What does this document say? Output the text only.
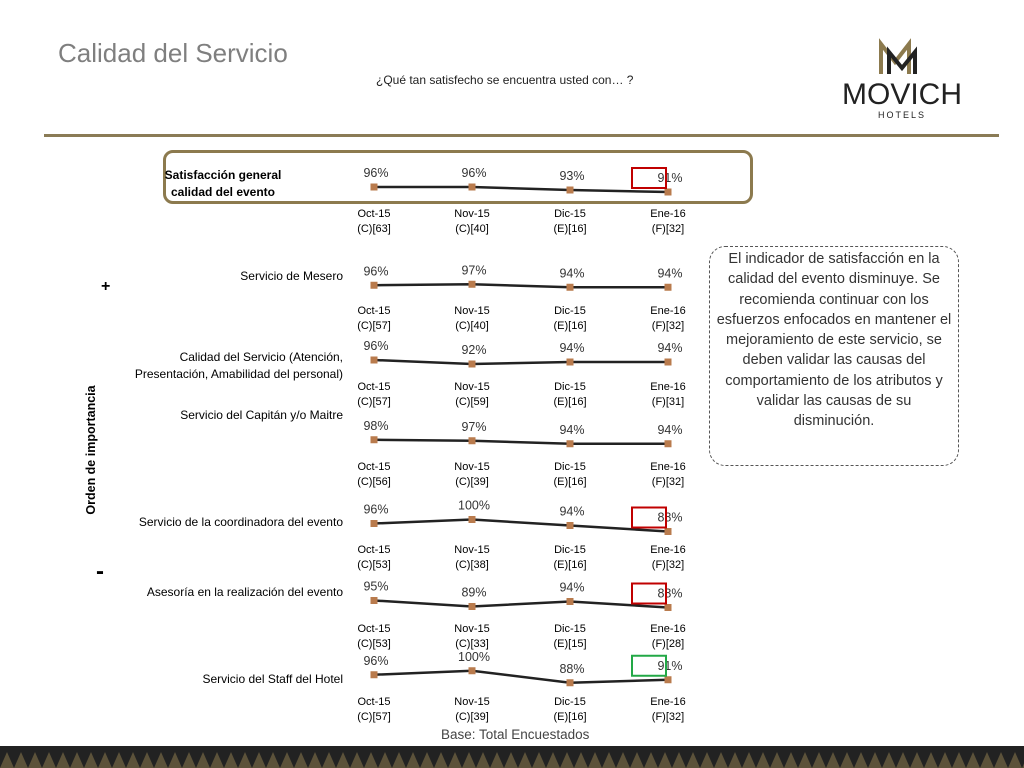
Calidad del Servicio
¿Qué tan satisfecho se encuentra usted con… ?	MOVICH
HOTELS
Orden de importancia
+
-
Satisfacción general
calidad del evento
Servicio de Mesero
Calidad del Servicio (Atención,
Presentación, Amabilidad del personal)
Servicio del Capitán y/o Maitre
Servicio de la coordinadora del evento
Asesoría en la realización del evento
Servicio del Staff del Hotel
96%
Oct-15
(C)[63]
96%
Nov-15
(C)[40]
93%
Dic-15
(E)[16]
91%
Ene-16
(F)[32]
96%
Oct-15
(C)[57]
97%
Nov-15
(C)[40]
94%
Dic-15
(E)[16]
94%
Ene-16
(F)[32]
96%
Oct-15
(C)[57]
92%
Nov-15
(C)[59]
94%
Dic-15
(E)[16]
94%
Ene-16
(F)[31]
98%
Oct-15
(C)[56]
97%
Nov-15
(C)[39]
94%
Dic-15
(E)[16]
94%
Ene-16
(F)[32]
96%
Oct-15
(C)[53]
100%
Nov-15
(C)[38]
94%
Dic-15
(E)[16]
88%
Ene-16
(F)[32]
95%
Oct-15
(C)[53]
89%
Nov-15
(C)[33]
94%
Dic-15
(E)[15]
88%
Ene-16
(F)[28]
96%
Oct-15
(C)[57]
100%
Nov-15
(C)[39]
88%
Dic-15
(E)[16]
91%
Ene-16
(F)[32]
El indicador de satisfacción en la calidad del evento disminuye. Se recomienda continuar con los esfuerzos enfocados en mantener el mejoramiento de este servicio, se deben validar las causas del comportamiento de los atributos y validar las causas de su disminución.
Base: Total Encuestados
